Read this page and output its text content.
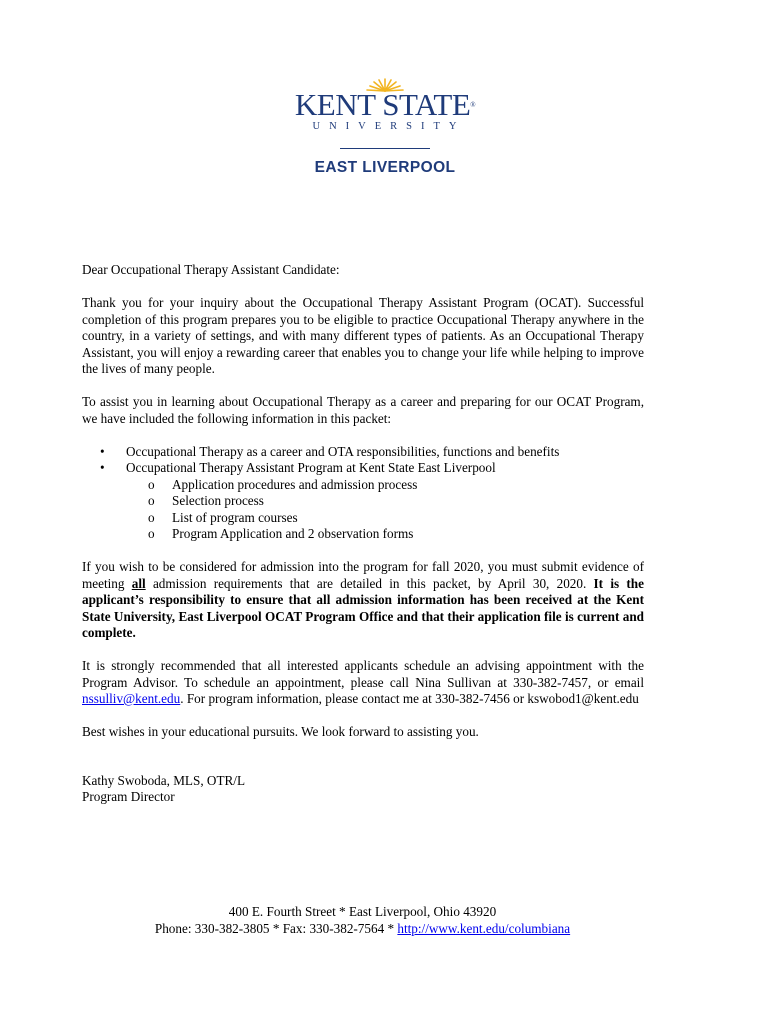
KENT STATE®
UNIVERSITY
EAST LIVERPOOL

Dear Occupational Therapy Assistant Candidate:

Thank you for your inquiry about the Occupational Therapy Assistant Program (OCAT). Successful completion of this program prepares you to be eligible to practice Occupational Therapy anywhere in the country, in a variety of settings, and with many different types of patients. As an Occupational Therapy Assistant, you will enjoy a rewarding career that enables you to change your life while helping to improve the lives of many people.

To assist you in learning about Occupational Therapy as a career and preparing for our OCAT Program, we have included the following information in this packet:

• Occupational Therapy as a career and OTA responsibilities, functions and benefits
• Occupational Therapy Assistant Program at Kent State East Liverpool
o Application procedures and admission process
o Selection process
o List of program courses
o Program Application and 2 observation forms

If you wish to be considered for admission into the program for fall 2020, you must submit evidence of meeting all admission requirements that are detailed in this packet, by April 30, 2020. It is the applicant’s responsibility to ensure that all admission information has been received at the Kent State University, East Liverpool OCAT Program Office and that their application file is current and complete.

It is strongly recommended that all interested applicants schedule an advising appointment with the Program Advisor. To schedule an appointment, please call Nina Sullivan at 330-382-7457, or email nssulliv@kent.edu. For program information, please contact me at 330-382-7456 or kswobod1@kent.edu

Best wishes in your educational pursuits. We look forward to assisting you.

Kathy Swoboda, MLS, OTR/L

Program Director

400 E. Fourth Street * East Liverpool, Ohio 43920
Phone: 330-382-3805 * Fax: 330-382-7564 * http://www.kent.edu/columbiana
